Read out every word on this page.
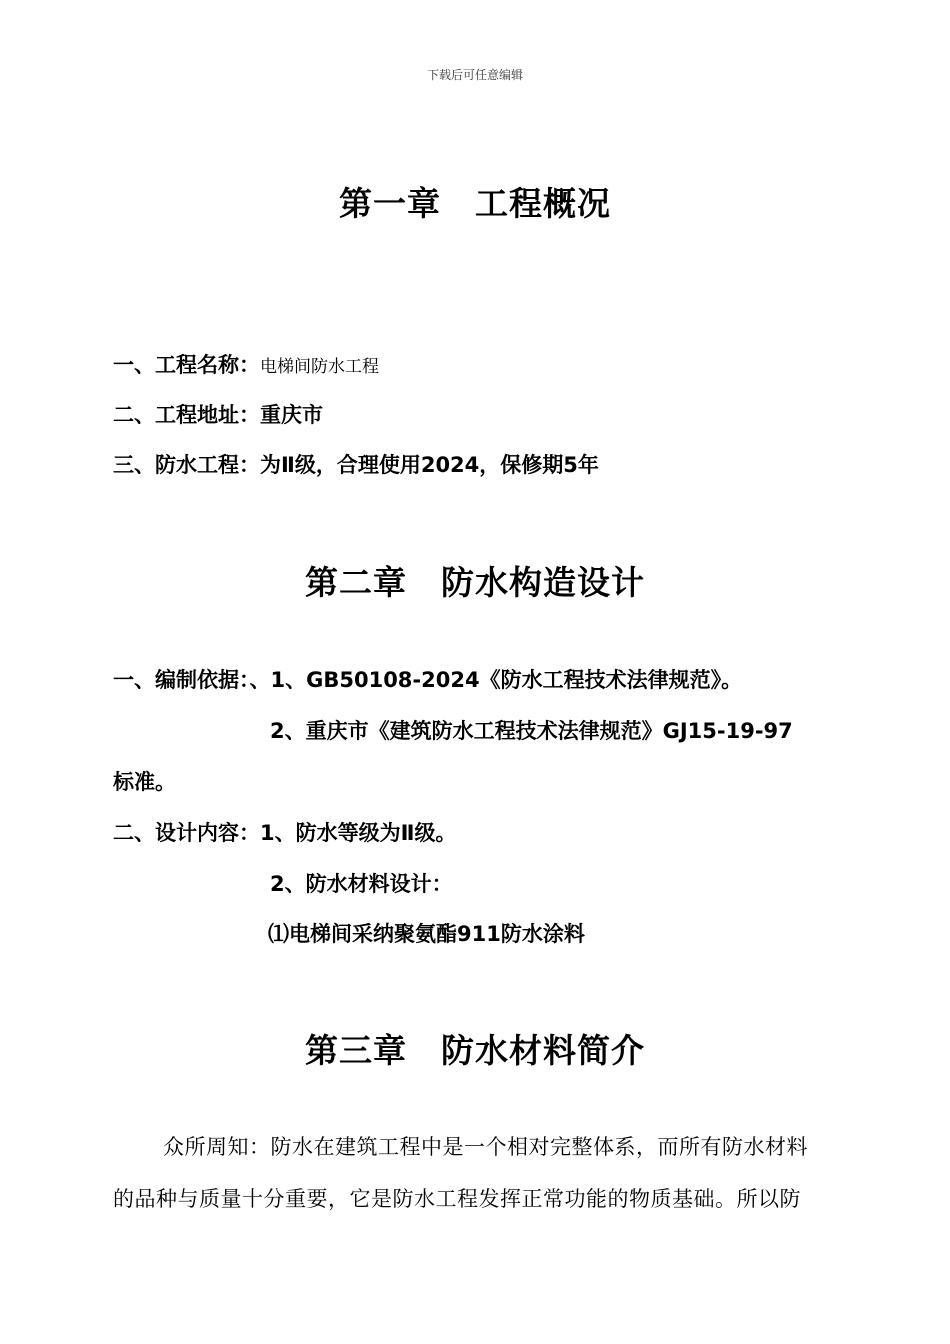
下载后可任意编辑
第一章　工程概况
一、工程名称：电梯间防水工程
二、工程地址：重庆市
三、防水工程：为Ⅱ级，合理使用2024，保修期5年
第二章　防水构造设计
一、编制依据：、1、GB50108-2024《防水工程技术法律规范》。
2、重庆市《建筑防水工程技术法律规范》GJ15-19-97
标准。
二、设计内容：1、防水等级为Ⅱ级。
2、防水材料设计：
⑴电梯间采纳聚氨酯911防水涂料
第三章　防水材料简介
众所周知：防水在建筑工程中是一个相对完整体系，而所有防水材料
的品种与质量十分重要，它是防水工程发挥正常功能的物质基础。所以防
